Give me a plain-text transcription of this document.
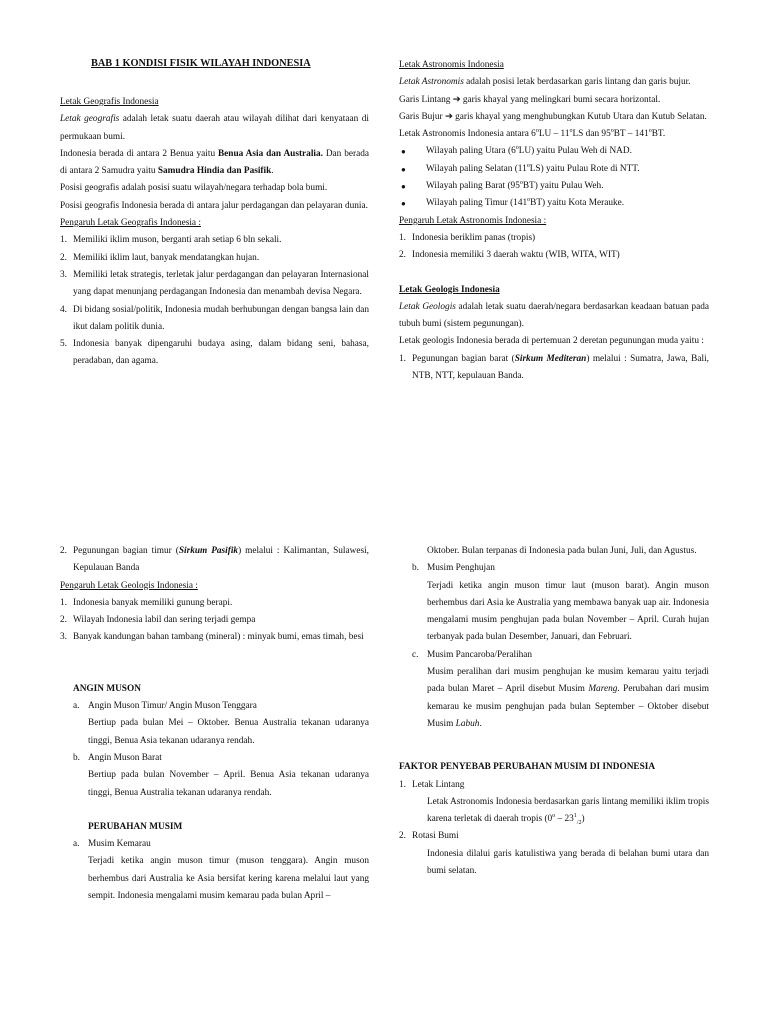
BAB 1 KONDISI FISIK WILAYAH INDONESIA
Letak Geografis Indonesia
Letak geografis adalah letak suatu daerah atau wilayah dilihat dari kenyataan di permukaan bumi.
Indonesia berada di antara 2 Benua yaitu Benua Asia dan Australia. Dan berada di antara 2 Samudra yaitu Samudra Hindia dan Pasifik.
Posisi geografis adalah posisi suatu wilayah/negara terhadap bola bumi.
Posisi geografis Indonesia berada di antara jalur perdagangan dan pelayaran dunia.
Pengaruh Letak Geografis Indonesia :
1. Memiliki iklim muson, berganti arah setiap 6 bln sekali.
2. Memiliki iklim laut, banyak mendatangkan hujan.
3. Memiliki letak strategis, terletak jalur perdagangan dan pelayaran Internasional yang dapat menunjang perdagangan Indonesia dan menambah devisa Negara.
4. Di bidang sosial/politik, Indonesia mudah berhubungan dengan bangsa lain dan ikut dalam politik dunia.
5. Indonesia banyak dipengaruhi budaya asing, dalam bidang seni, bahasa, peradaban, dan agama.
Letak Astronomis Indonesia
Letak Astronomis adalah posisi letak berdasarkan garis lintang dan garis bujur.
Garis Lintang ➔ garis khayal yang melingkari bumi secara horizontal.
Garis Bujur ➔ garis khayal yang menghubungkan Kutub Utara dan Kutub Selatan.
Letak Astronomis Indonesia antara 6$^o$LU – 11$^o$LS dan 95$^o$BT – 141$^o$BT.
● Wilayah paling Utara (6$^o$LU) yaitu Pulau Weh di NAD.
● Wilayah paling Selatan (11$^o$LS) yaitu Pulau Rote di NTT.
● Wilayah paling Barat (95$^o$BT) yaitu Pulau Weh.
● Wilayah paling Timur (141$^o$BT) yaitu Kota Merauke.
Pengaruh Letak Astronomis Indonesia :
1. Indonesia beriklim panas (tropis)
2. Indonesia memiliki 3 daerah waktu (WIB, WITA, WIT)
Letak Geologis Indonesia
Letak Geologis adalah letak suatu daerah/negara berdasarkan keadaan batuan pada tubuh bumi (sistem pegunungan).
Letak geologis Indonesia berada di pertemuan 2 deretan pegunungan muda yaitu :
1. Pegunungan bagian barat (Sirkum Mediteran) melalui : Sumatra, Jawa, Bali, NTB, NTT, kepulauan Banda.
2. Pegunungan bagian timur (Sirkum Pasifik) melalui : Kalimantan, Sulawesi, Kepulauan Banda
Pengaruh Letak Geologis Indonesia :
1. Indonesia banyak memiliki gunung berapi.
2. Wilayah Indonesia labil dan sering terjadi gempa
3. Banyak kandungan bahan tambang (mineral) : minyak bumi, emas timah, besi
ANGIN MUSON
a. Angin Muson Timur/ Angin Muson Tenggara
Bertiup pada bulan Mei – Oktober. Benua Australia tekanan udaranya tinggi, Benua Asia tekanan udaranya rendah.
b. Angin Muson Barat
Bertiup pada bulan November – April. Benua Asia tekanan udaranya tinggi, Benua Australia tekanan udaranya rendah.
PERUBAHAN MUSIM
a. Musim Kemarau
Terjadi ketika angin muson timur (muson tenggara). Angin muson berhembus dari Australia ke Asia bersifat kering karena melalui laut yang sempit. Indonesia mengalami musim kemarau pada bulan April –
Oktober. Bulan terpanas di Indonesia pada bulan Juni, Juli, dan Agustus.
b. Musim Penghujan
Terjadi ketika angin muson timur laut (muson barat). Angin muson berhembus dari Asia ke Australia yang membawa banyak uap air. Indonesia mengalami musim penghujan pada bulan November – April. Curah hujan terbanyak pada bulan Desember, Januari, dan Februari.
c. Musim Pancaroba/Peralihan
Musim peralihan dari musim penghujan ke musim kemarau yaitu terjadi pada bulan Maret – April disebut Musim Mareng. Perubahan dari musim kemarau ke musim penghujan pada bulan September – Oktober disebut Musim Labuh.
FAKTOR PENYEBAB PERUBAHAN MUSIM DI INDONESIA
1. Letak Lintang
Letak Astronomis Indonesia berdasarkan garis lintang memiliki iklim tropis karena terletak di daerah tropis $(0^o - 23^1_{/2})$
2. Rotasi Bumi
Indonesia dilalui garis katulistiwa yang berada di belahan bumi utara dan bumi selatan.
